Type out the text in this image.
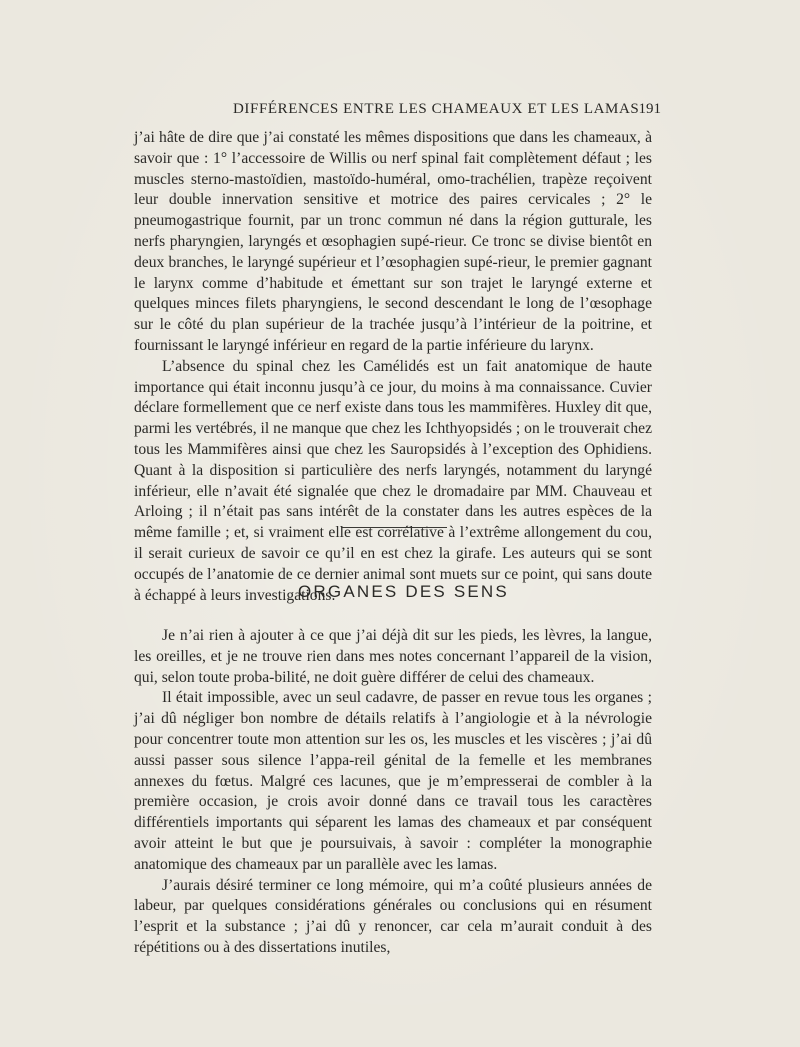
DIFFÉRENCES ENTRE LES CHAMEAUX ET LES LAMAS 191

j’ai hâte de dire que j’ai constaté les mêmes dispositions que dans les chameaux, à savoir que : 1° l’accessoire de Willis ou nerf spinal fait complètement défaut ; les muscles sterno-mastoïdien, mastoïdo-huméral, omo-trachélien, trapèze reçoivent leur double innervation sensitive et motrice des paires cervicales ; 2° le pneumogastrique fournit, par un tronc commun né dans la région gutturale, les nerfs pharyngien, laryngés et œsophagien supé-rieur. Ce tronc se divise bientôt en deux branches, le laryngé supérieur et l’œsophagien supé-rieur, le premier gagnant le larynx comme d’habitude et émettant sur son trajet le laryngé externe et quelques minces filets pharyngiens, le second descendant le long de l’œsophage sur le côté du plan supérieur de la trachée jusqu’à l’intérieur de la poitrine, et fournissant le laryngé inférieur en regard de la partie inférieure du larynx.

L’absence du spinal chez les Camélidés est un fait anatomique de haute importance qui était inconnu jusqu’à ce jour, du moins à ma connaissance. Cuvier déclare formellement que ce nerf existe dans tous les mammifères. Huxley dit que, parmi les vertébrés, il ne manque que chez les Ichthyopsidés ; on le trouverait chez tous les Mammifères ainsi que chez les Sauropsidés à l’exception des Ophidiens. Quant à la disposition si particulière des nerfs laryngés, notamment du laryngé inférieur, elle n’avait été signalée que chez le dromadaire par MM. Chauveau et Arloing ; il n’était pas sans intérêt de la constater dans les autres espèces de la même famille ; et, si vraiment elle est corrélative à l’extrême allongement du cou, il serait curieux de savoir ce qu’il en est chez la girafe. Les auteurs qui se sont occupés de l’anatomie de ce dernier animal sont muets sur ce point, qui sans doute à échappé à leurs investigations.

ORGANES DES SENS

Je n’ai rien à ajouter à ce que j’ai déjà dit sur les pieds, les lèvres, la langue, les oreilles, et je ne trouve rien dans mes notes concernant l’appareil de la vision, qui, selon toute proba-bilité, ne doit guère différer de celui des chameaux.

Il était impossible, avec un seul cadavre, de passer en revue tous les organes ; j’ai dû négliger bon nombre de détails relatifs à l’angiologie et à la névrologie pour concentrer toute mon attention sur les os, les muscles et les viscères ; j’ai dû aussi passer sous silence l’appa-reil génital de la femelle et les membranes annexes du fœtus. Malgré ces lacunes, que je m’empresserai de combler à la première occasion, je crois avoir donné dans ce travail tous les caractères différentiels importants qui séparent les lamas des chameaux et par conséquent avoir atteint le but que je poursuivais, à savoir : compléter la monographie anatomique des chameaux par un parallèle avec les lamas.

J’aurais désiré terminer ce long mémoire, qui m’a coûté plusieurs années de labeur, par quelques considérations générales ou conclusions qui en résument l’esprit et la substance ; j’ai dû y renoncer, car cela m’aurait conduit à des répétitions ou à des dissertations inutiles,
